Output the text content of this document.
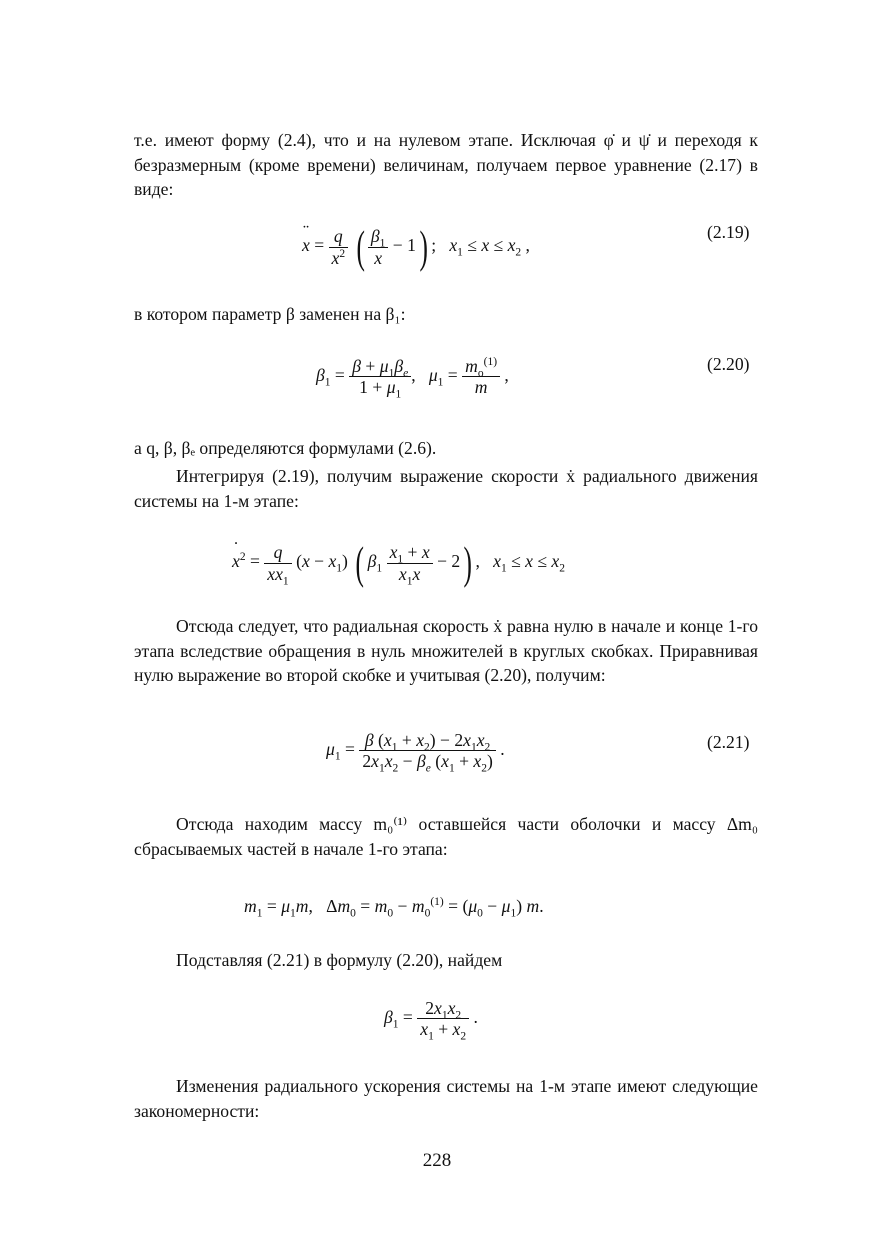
т.е. имеют форму (2.4), что и на нулевом этапе. Исключая φ̇ и ψ̇ и переходя к безразмерным (кроме времени) величинам, получаем первое уравнение (2.17) в виде:

¨ $x = \frac{q}{x^2}$ ( $\frac{\beta_1}{x} - 1$) ;   $x_1 \le x \le x_2$ ,
(2.19)

в котором параметр β заменен на β₁:

$\beta_1 = \frac{\beta + \mu_1\beta_e}{1 + \mu_1}$ ,   $\mu_1 = \frac{m_o^{(1)}}{m}$ ,
(2.20)

а q, β, βₑ определяются формулами (2.6).

Интегрируя (2.19), получим выражение скорости ẋ радиального движения системы на 1-м этапе:

˙ $x^2 = \frac{q}{xx_1} (x - x_1)$ ( $\beta_1 \frac{x_1 + x}{x_1x} - 2$) ,   $x_1 \le x \le x_2$

Отсюда следует, что радиальная скорость ẋ равна нулю в начале и конце 1-го этапа вследствие обращения в нуль множителей в круглых скобках. Приравнивая нулю выражение во второй скобке и учитывая (2.20), получим:

$\mu_1 = \frac{\beta (x_1 + x_2) - 2x_1x_2}{2x_1x_2 - \beta_e (x_1 + x_2)}$ .	(2.21)

Отсюда находим массу m₀⁽¹⁾ оставшейся части оболочки и массу Δm₀ сбрасываемых частей в начале 1-го этапа:

$m_1 = \mu_1m$,   $\Delta m_0 = m_0 - m_0^{(1)} = (\mu_0 - \mu_1)$ m.

Подставляя (2.21) в формулу (2.20), найдем

$\beta_1 = \frac{2x_1x_2}{x_1 + x_2}$ .

Изменения радиального ускорения системы на 1-м этапе имеют следующие закономерности:

228
